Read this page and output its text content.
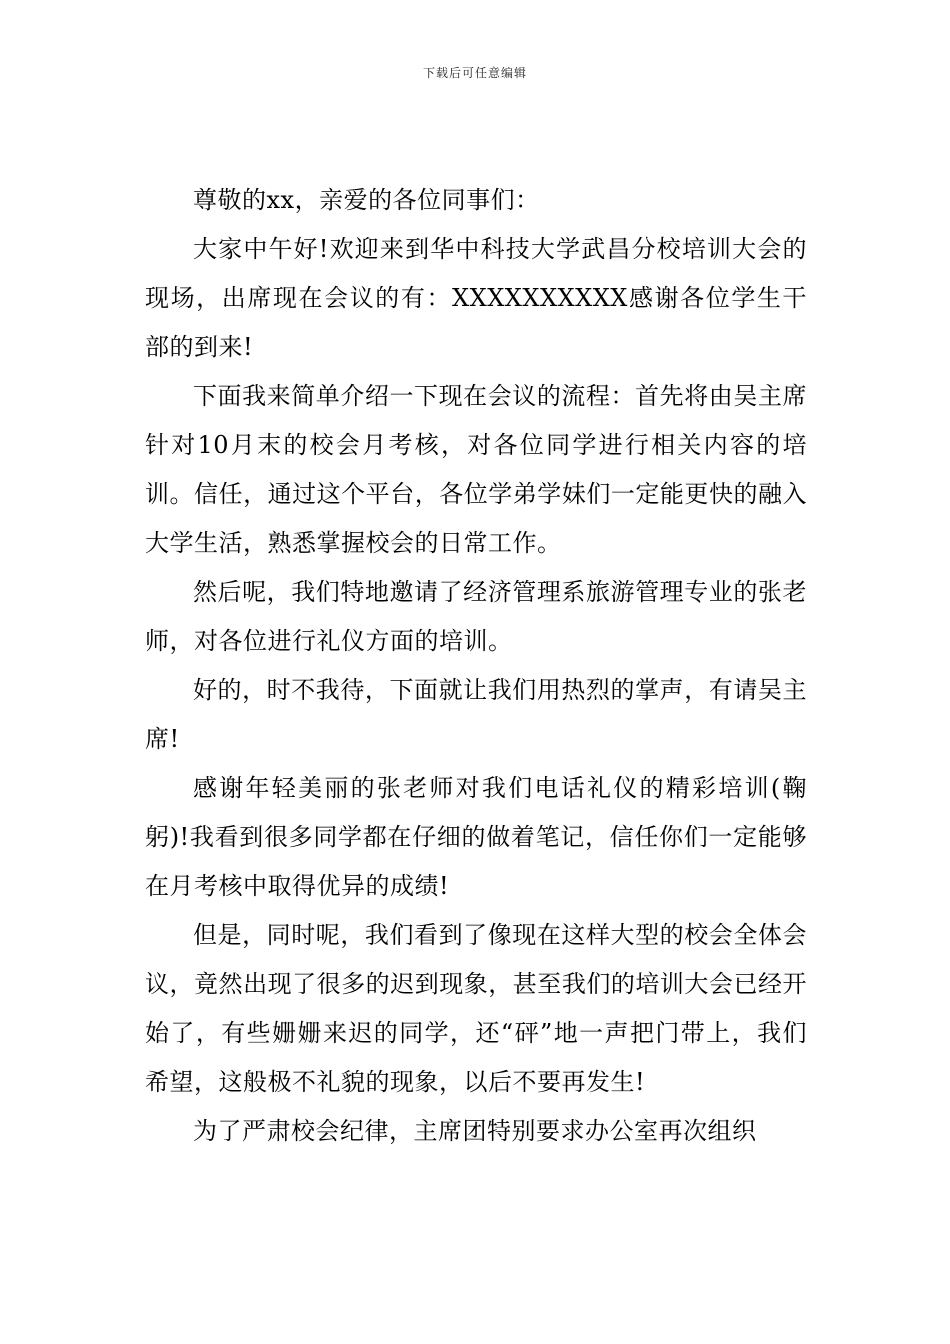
下载后可任意编辑

尊敬的xx，亲爱的各位同事们：

大家中午好!欢迎来到华中科技大学武昌分校培训大会的现场，出席现在会议的有：XXXXXXXXXX感谢各位学生干部的到来!

下面我来简单介绍一下现在会议的流程：首先将由吴主席针对10月末的校会月考核，对各位同学进行相关内容的培训。信任，通过这个平台，各位学弟学妹们一定能更快的融入大学生活，熟悉掌握校会的日常工作。

然后呢，我们特地邀请了经济管理系旅游管理专业的张老师，对各位进行礼仪方面的培训。

好的，时不我待，下面就让我们用热烈的掌声，有请吴主席!

感谢年轻美丽的张老师对我们电话礼仪的精彩培训(鞠躬)!我看到很多同学都在仔细的做着笔记，信任你们一定能够在月考核中取得优异的成绩!

但是，同时呢，我们看到了像现在这样大型的校会全体会议，竟然出现了很多的迟到现象，甚至我们的培训大会已经开始了，有些姗姗来迟的同学，还“砰”地一声把门带上，我们希望，这般极不礼貌的现象，以后不要再发生!

为了严肃校会纪律，主席团特别要求办公室再次组织
